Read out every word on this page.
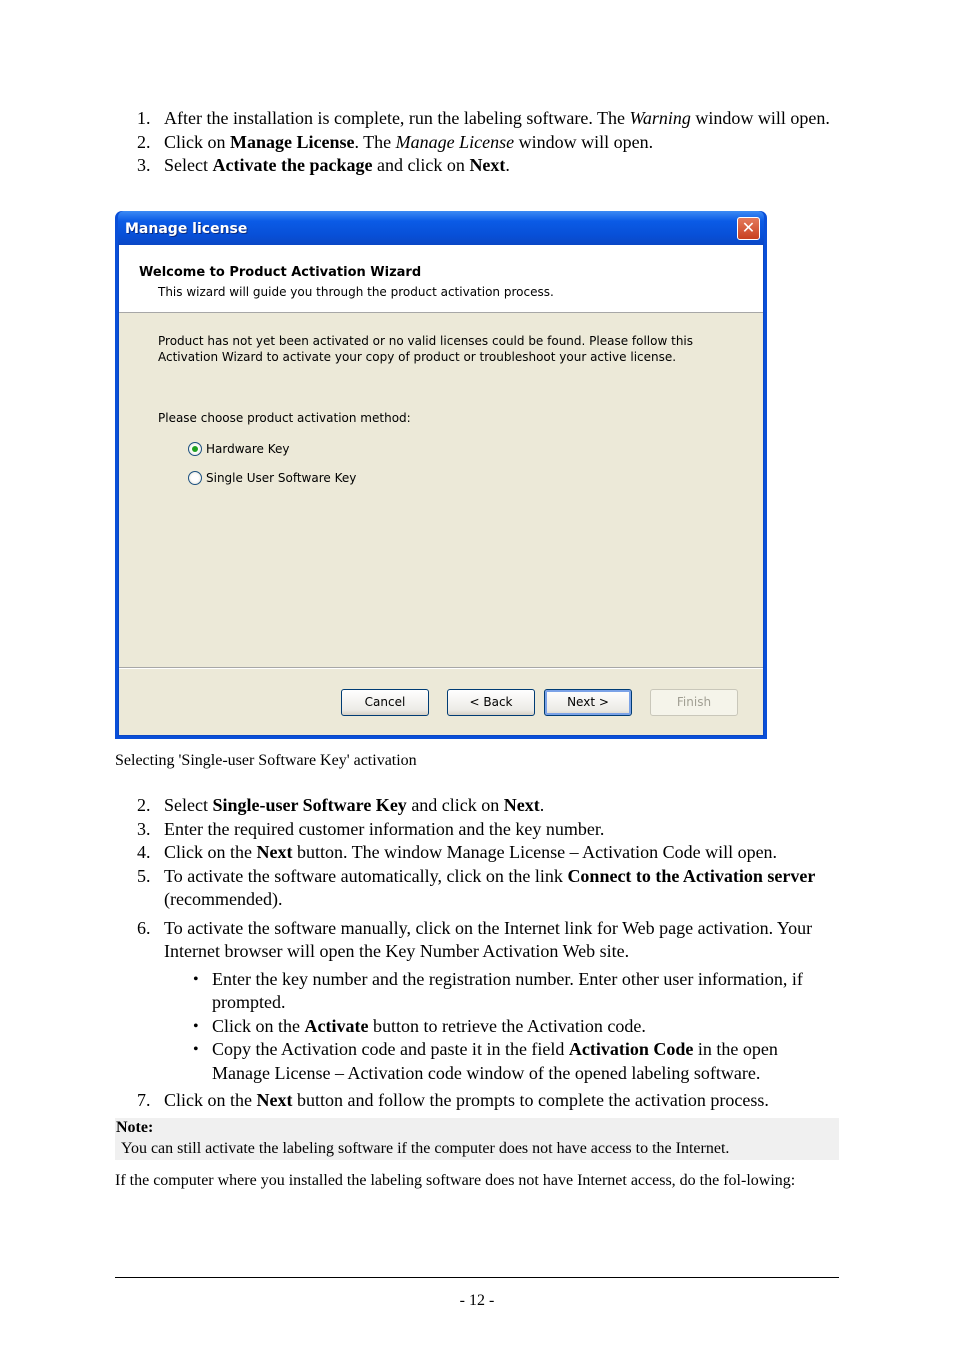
1. After the installation is complete, run the labeling software. The Warning window will open.
2. Click on Manage License. The Manage License window will open.
3. Select Activate the package and click on Next.
Manage license	✕
Welcome to Product Activation Wizard
This wizard will guide you through the product activation process.
Product has not yet been activated or no valid licenses could be found. Please follow this
Activation Wizard to activate your copy of product or troubleshoot your active license.
Please choose product activation method:
Hardware Key
Single User Software Key
Cancel	< Back	Next >	Finish
Selecting 'Single-user Software Key' activation
2. Select Single-user Software Key and click on Next.
3. Enter the required customer information and the key number.
4. Click on the Next button. The window Manage License – Activation Code will open.
5. To activate the software automatically, click on the link Connect to the Activation server (recommended).
6. To activate the software manually, click on the Internet link for Web page activation. Your Internet browser will open the Key Number Activation Web site.
• Enter the key number and the registration number. Enter other user information, if prompted.
• Click on the Activate button to retrieve the Activation code.
• Copy the Activation code and paste it in the field Activation Code in the open Manage License – Activation code window of the opened labeling software.
7. Click on the Next button and follow the prompts to complete the activation process.
Note:
You can still activate the labeling software if the computer does not have access to the Internet.
If the computer where you installed the labeling software does not have Internet access, do the fol-lowing:
- 12 -
